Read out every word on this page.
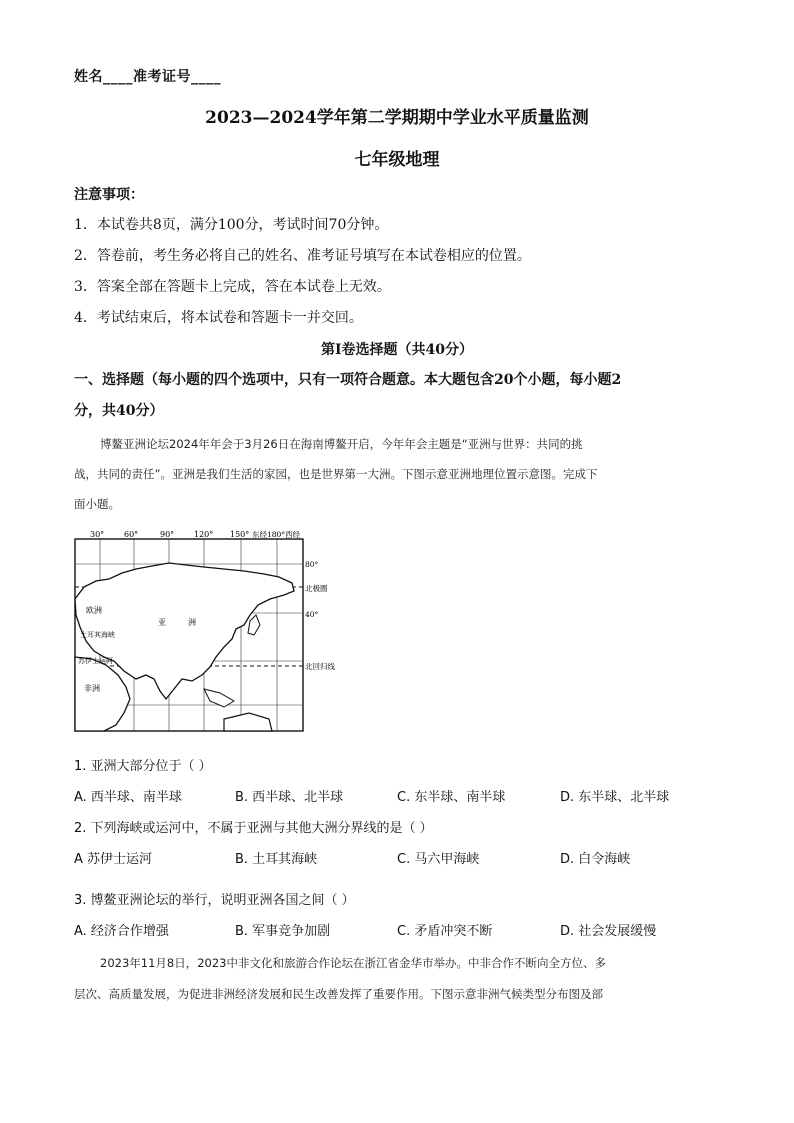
姓名____准考证号____
2023—2024学年第二学期期中学业水平质量监测
七年级地理
注意事项：
1．本试卷共8页，满分100分，考试时间70分钟。
2．答卷前，考生务必将自己的姓名、准考证号填写在本试卷相应的位置。
3．答案全部在答题卡上完成，答在本试卷上无效。
4．考试结束后，将本试卷和答题卡一并交回。
第Ⅰ卷选择题（共40分）
一、选择题（每小题的四个选项中，只有一项符合题意。本大题包含20个小题，每小题2
分，共40分）
博鳌亚洲论坛2024年年会于3月26日在海南博鳌开启，今年年会主题是“亚洲与世界：共同的挑
战，共同的责任”。亚洲是我们生活的家园，也是世界第一大洲。下图示意亚洲地理位置示意图。完成下
面小题。
30° 60°	90° 120° 150° 东经180°西经
80°
40°
北极圈
北回归线
欧洲
亚	洲
土耳其海峡
苏伊士运河
非洲
1. 亚洲大部分位于（ ）
A. 西半球、南半球	B. 西半球、北半球	C. 东半球、南半球	D. 东半球、北半球
2. 下列海峡或运河中，不属于亚洲与其他大洲分界线的是（ ）
A 苏伊士运河	B. 土耳其海峡	C. 马六甲海峡	D. 白令海峡
3. 博鳌亚洲论坛的举行，说明亚洲各国之间（ ）
A. 经济合作增强	B. 军事竞争加剧	C. 矛盾冲突不断	D. 社会发展缓慢
2023年11月8日，2023中非文化和旅游合作论坛在浙江省金华市举办。中非合作不断向全方位、多
层次、高质量发展，为促进非洲经济发展和民生改善发挥了重要作用。下图示意非洲气候类型分布图及部
